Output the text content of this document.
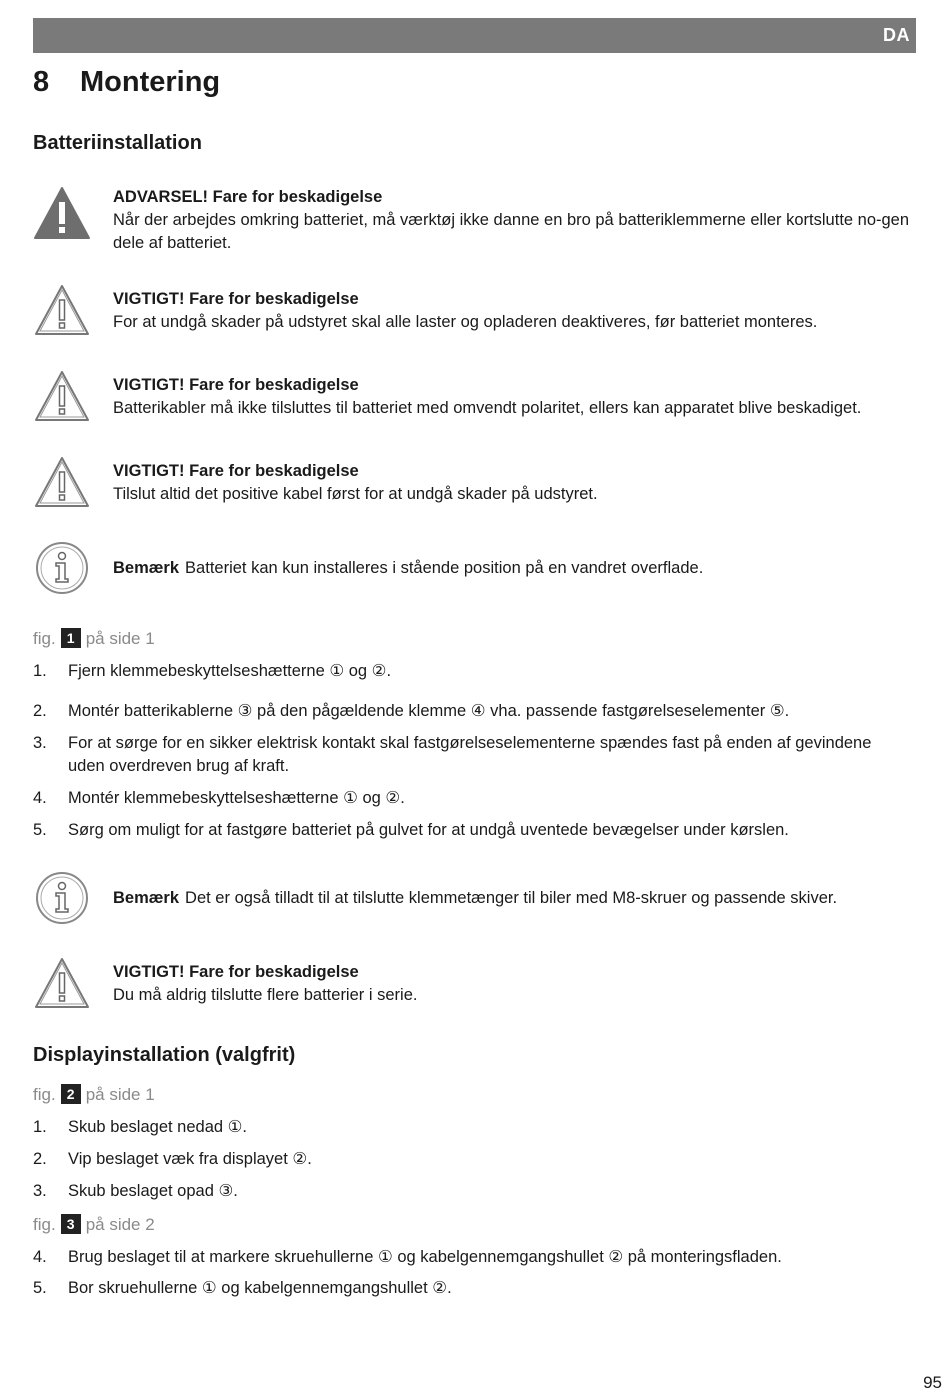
DA
8 Montering
Batteriinstallation
ADVARSEL! Fare for beskadigelse
Når der arbejdes omkring batteriet, må værktøj ikke danne en bro på batteriklemmerne eller kortslutte no-gen dele af batteriet.
VIGTIGT! Fare for beskadigelse
For at undgå skader på udstyret skal alle laster og opladeren deaktiveres, før batteriet monteres.
VIGTIGT! Fare for beskadigelse
Batterikabler må ikke tilsluttes til batteriet med omvendt polaritet, ellers kan apparatet blive beskadiget.
VIGTIGT! Fare for beskadigelse
Tilslut altid det positive kabel først for at undgå skader på udstyret.
Bemærk Batteriet kan kun installeres i stående position på en vandret overflade.
fig. 1 på side 1
1. Fjern klemmebeskyttelseshætterne ① og ②.
2. Montér batterikablerne ③ på den pågældende klemme ④ vha. passende fastgørelseselementer ⑤.
3. For at sørge for en sikker elektrisk kontakt skal fastgørelseselementerne spændes fast på enden af gevindene uden overdreven brug af kraft.
4. Montér klemmebeskyttelseshætterne ① og ②.
5. Sørg om muligt for at fastgøre batteriet på gulvet for at undgå uventede bevægelser under kørslen.
Bemærk Det er også tilladt til at tilslutte klemmetænger til biler med M8-skruer og passende skiver.
VIGTIGT! Fare for beskadigelse
Du må aldrig tilslutte flere batterier i serie.
Displayinstallation (valgfrit)
fig. 2 på side 1
1. Skub beslaget nedad ①.
2. Vip beslaget væk fra displayet ②.
3. Skub beslaget opad ③.
fig. 3 på side 2
4. Brug beslaget til at markere skruehullerne ① og kabelgennemgangshullet ② på monteringsfladen.
5. Bor skruehullerne ① og kabelgennemgangshullet ②.
95
